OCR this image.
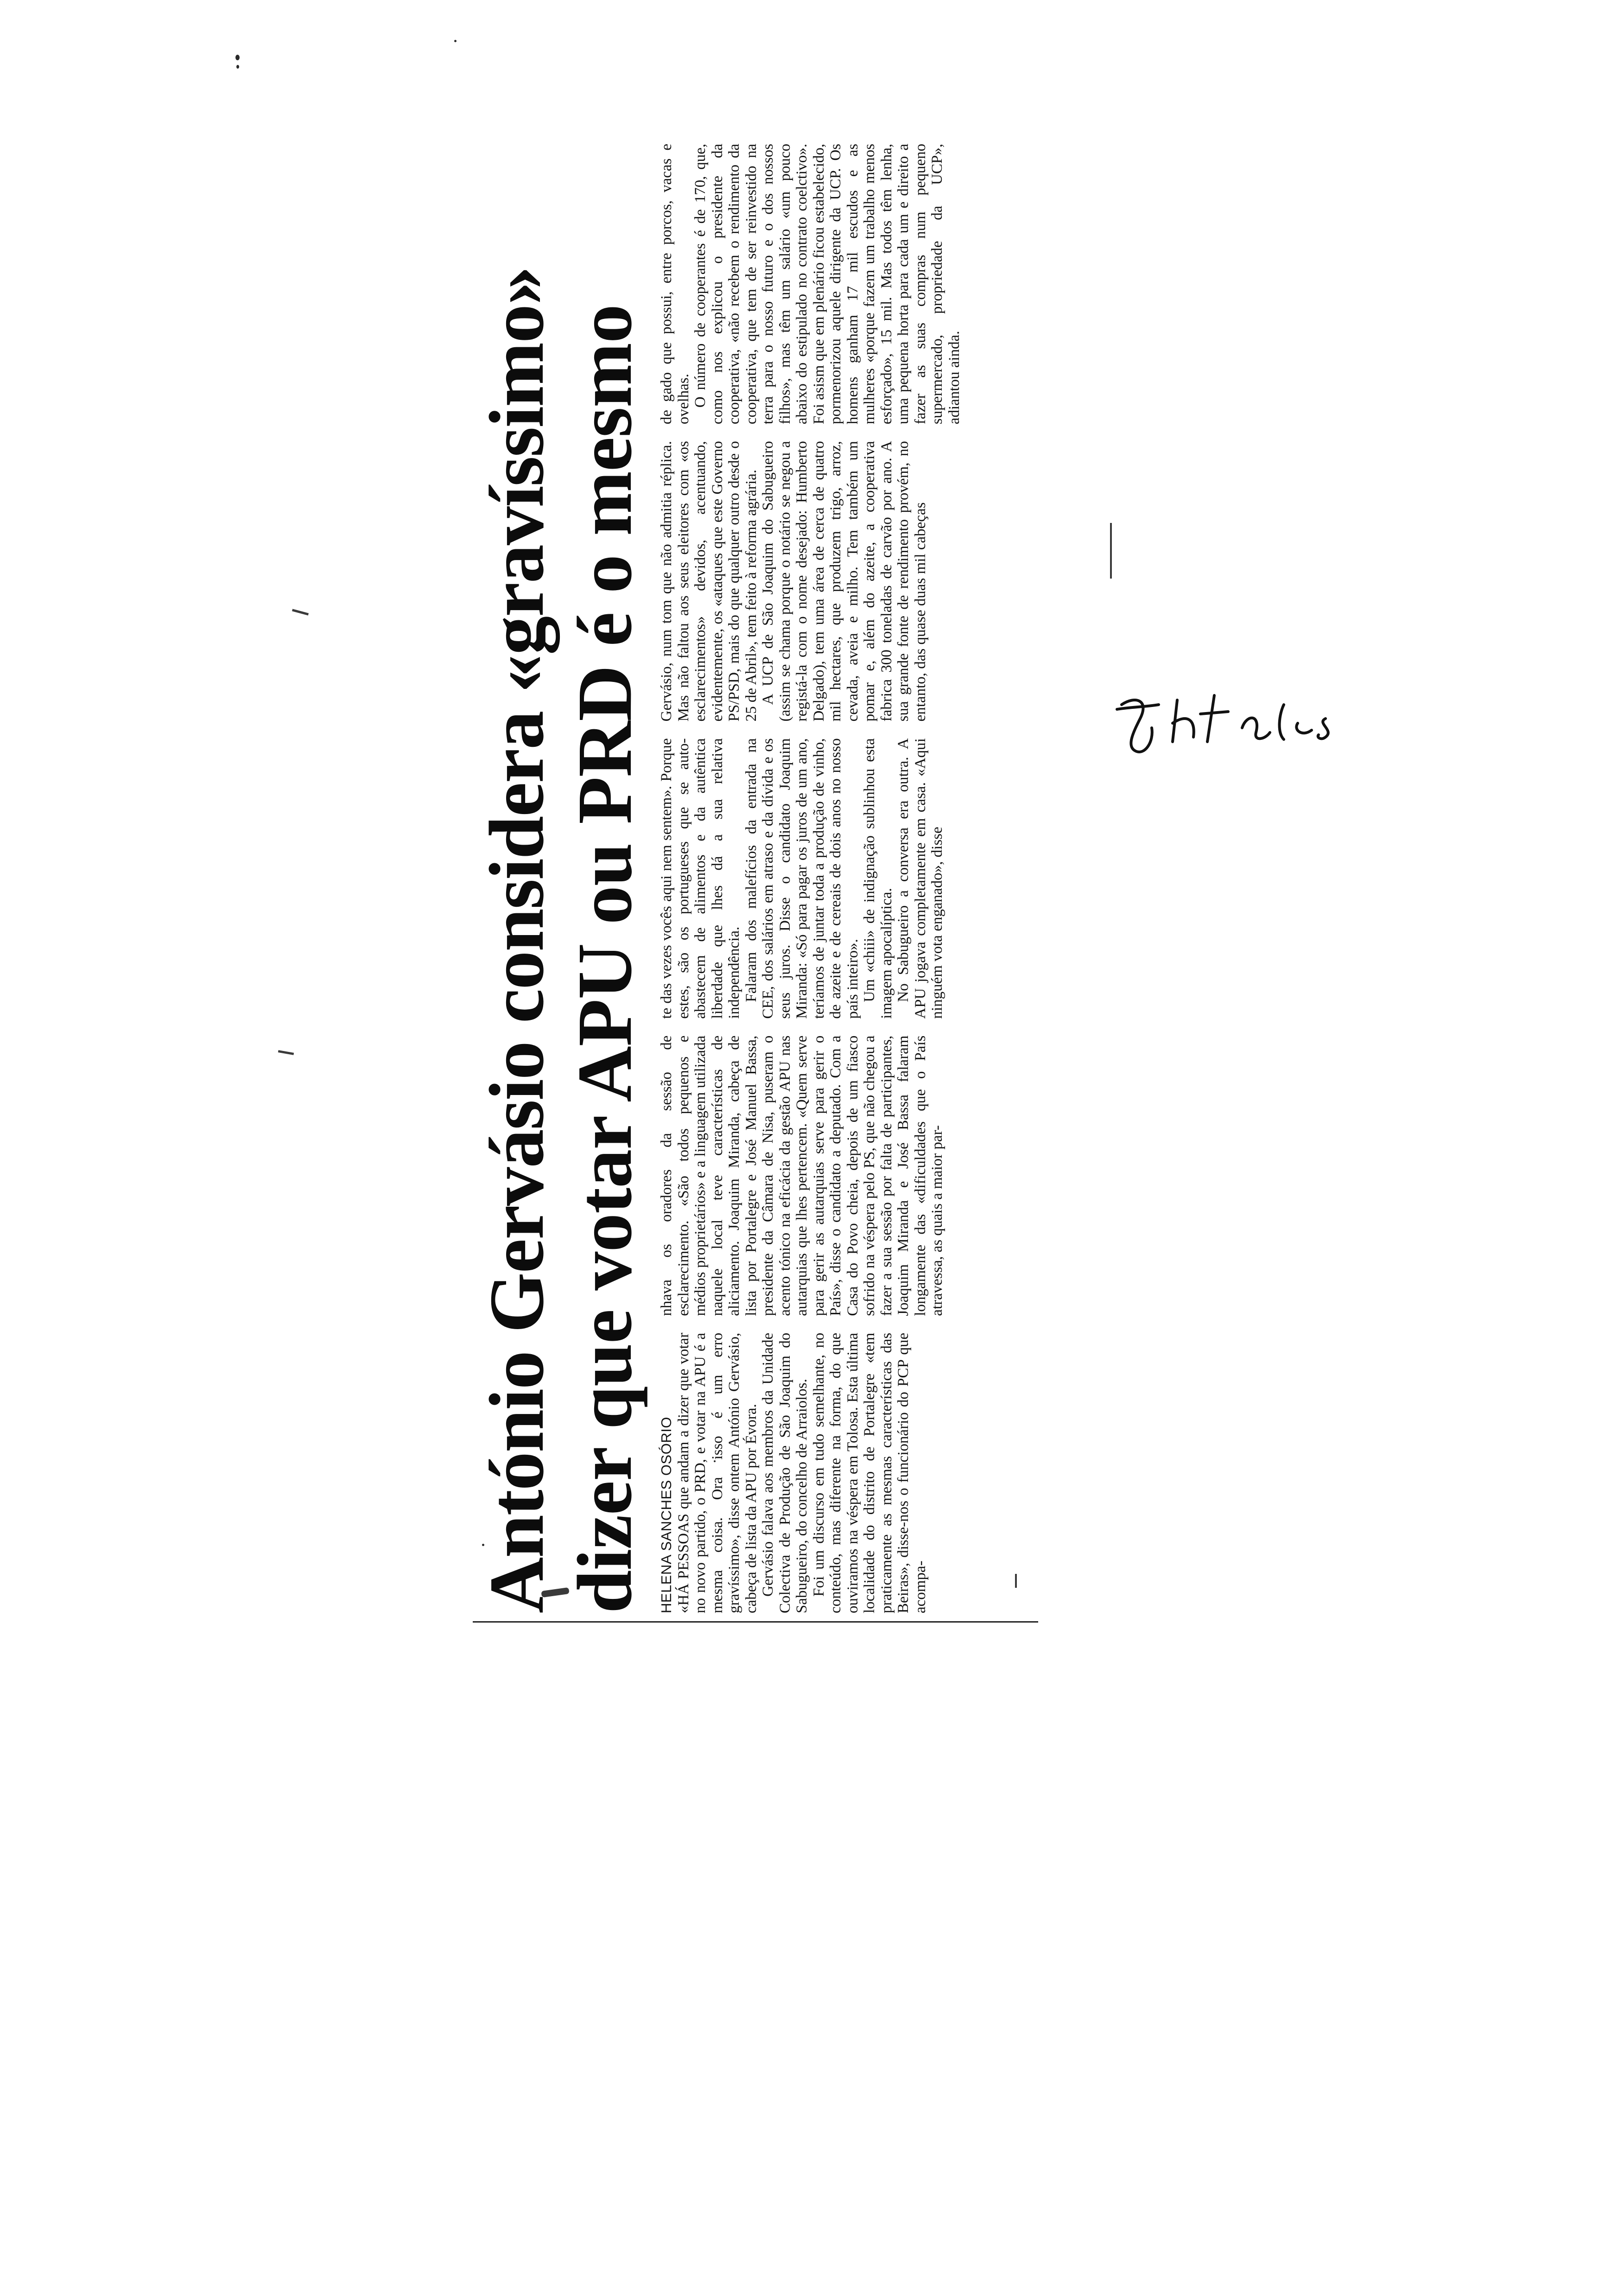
António Gervásio considera «gravíssimo» dizer que votar APU ou PRD é o mesmo HELENA SANCHES OSÓRIO «HÁ PESSOAS que andam a dizer que votar no novo partido, o PRD, e votar na APU é a mesma coisa. Ora isso é um erro gravíssimo», disse ontem António Gervásio, cabeça de lista da APU por Évora. Gervásio falava aos membros da Unidade Colectiva de Produção de São Joaquim do Sabugueiro, do concelho de Arraiolos. Foi um discurso em tudo semelhante, no conteúdo, mas diferente na forma, do que ouviramos na véspera em Tolosa. Esta última localidade do distrito de Portalegre «tem praticamente as mesmas características das Beiras», disse-nos o funcionário do PCP que acompa-

nhava os oradores da sessão de esclarecimento. «São todos pequenos e médios proprietários» e a linguagem utilizada naquele local teve características de aliciamento. Joaquim Miranda, cabeça de lista por Portalegre e José Manuel Bassa, presidente da Câmara de Nisa, puseram o acento tónico na eficácia da gestão APU nas autarquias que lhes pertencem. «Quem serve para gerir as autarquias serve para gerir o País», disse o candidato a deputado. Com a Casa do Povo cheia, depois de um fiasco sofrido na véspera pelo PS, que não chegou a fazer a sua sessão por falta de participantes, Joaquim Miranda e José Bassa falaram longamente das «dificuldades que o País atravessa, as quais a maior par-

te das vezes vocês aqui nem sentem». Porque estes, são os portugueses que se auto-abastecem de alimentos e da autêntica liberdade que lhes dá a sua relativa independência. Falaram dos malefícios da entrada na CEE, dos salários em atraso e da dívida e os seus juros. Disse o candidato Joaquim Miranda: «Só para pagar os juros de um ano, teríamos de juntar toda a produção de vinho, de azeite e de cereais de dois anos no nosso país inteiro». Um «chiii» de indignação sublinhou esta imagem apocalíptica. No Sabugueiro a conversa era outra. A APU jogava completamente em casa. «Aqui ninguém vota enganado», disse

Gervásio, num tom que não admitia réplica. Mas não faltou aos seus eleitores com «os esclarecimentos» devidos, acentuando, evidentemente, os «ataques que este Governo PS/PSD, mais do que qualquer outro desde o 25 de Abril», tem feito à reforma agrária. A UCP de São Joaquim do Sabugueiro (assim se chama porque o notário se negou a registá-la com o nome desejado: Humberto Delgado), tem uma área de cerca de quatro mil hectares, que produzem trigo, arroz, cevada, aveia e milho. Tem também um pomar e, além do azeite, a cooperativa fabrica 300 toneladas de carvão por ano. A sua grande fonte de rendimento provém, no entanto, das quase duas mil cabeças

de gado que possui, entre porcos, vacas e ovelhas. O número de cooperantes é de 170, que, como nos explicou o presidente da cooperativa, «não recebem o rendimento da cooperativa, que tem de ser reinvestido na terra para o nosso futuro e o dos nossos filhos», mas têm um salário «um pouco abaixo do estipulado no contrato coelctivo». Foi asism que em plenário ficou estabelecido, pormenorizou aquele dirigente da UCP. Os homens ganham 17 mil escudos e as mulheres «porque fazem um trabalho menos esforçado», 15 mil. Mas todos têm lenha, uma pequena horta para cada um e direito a fazer as suas compras num pequeno supermercado, propriedade da UCP», adiantou ainda.
